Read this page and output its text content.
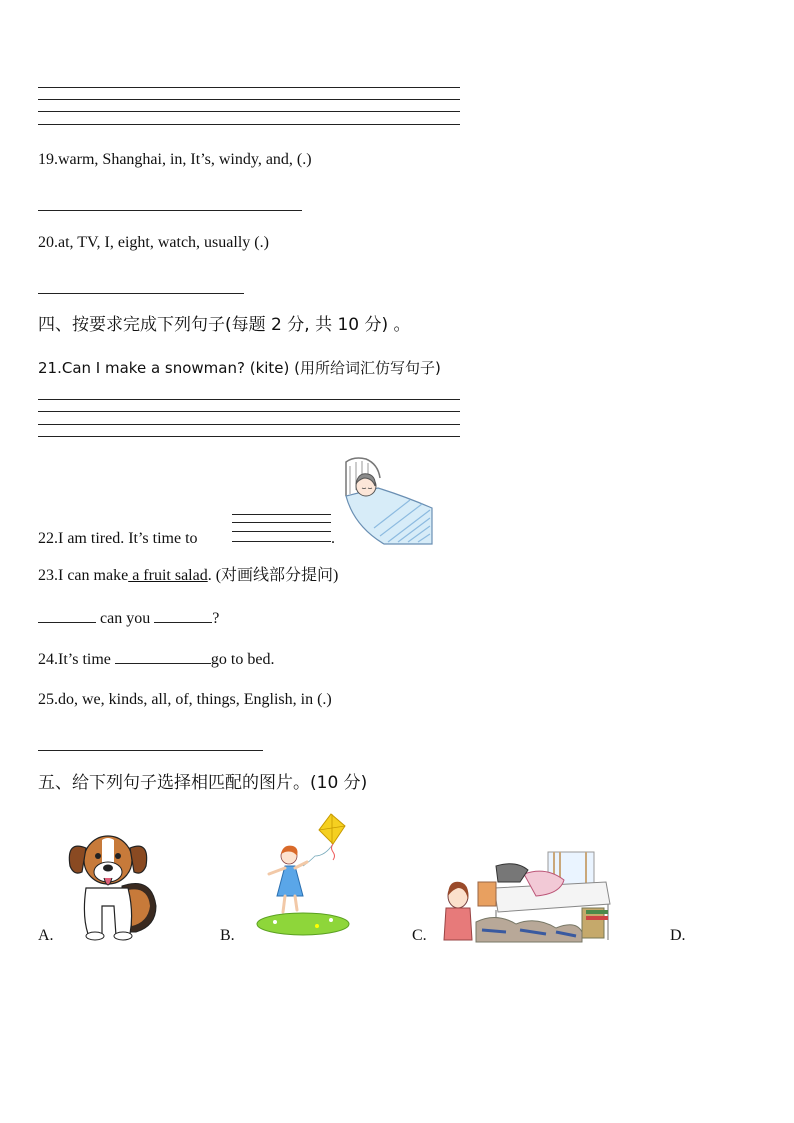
19.warm, Shanghai, in, It’s, windy, and, (.)
20.at, TV, I, eight, watch, usually (.)
四、按要求完成下列句子(每题 2 分, 共 10 分) 。
21.Can I make a snowman? (kite) (用所给词汇仿写句子)
22.I am tired. It’s time to	.
23.I can make a fruit salad. (对画线部分提问)
can you	?
24.It’s time	go to bed.
25.do, we, kinds, all, of, things, English, in (.)
五、给下列句子选择相匹配的图片。(10 分)
A.	B.	C.	D.
